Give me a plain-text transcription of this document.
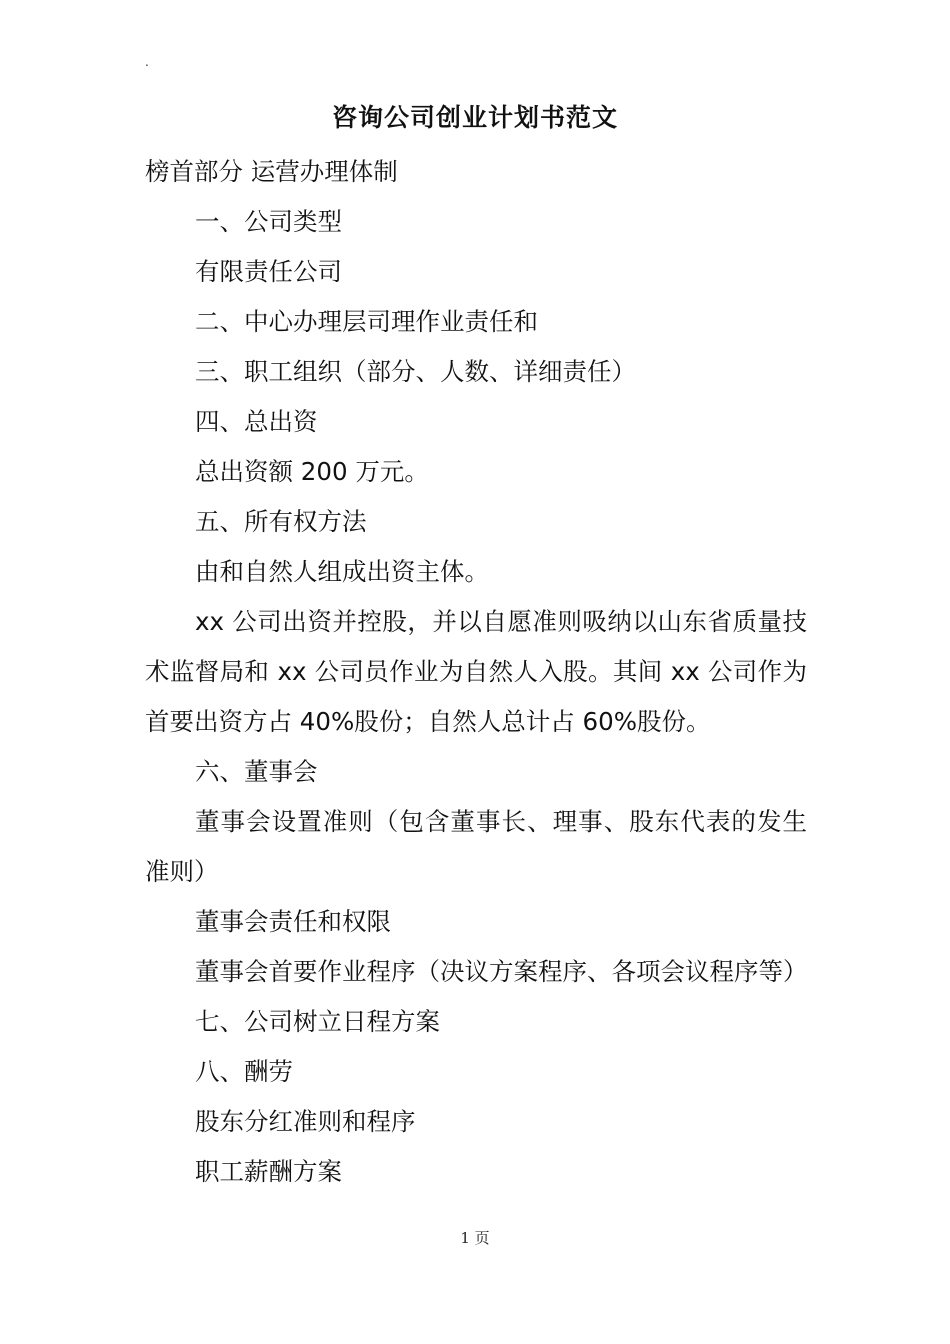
.
咨询公司创业计划书范文
榜首部分 运营办理体制
一、公司类型
有限责任公司
二、中心办理层司理作业责任和
三、职工组织（部分、人数、详细责任）
四、总出资
总出资额 200 万元。
五、所有权方法
由和自然人组成出资主体。
xx 公司出资并控股，并以自愿准则吸纳以山东省质量技术监督局和 xx 公司员作业为自然人入股。其间 xx 公司作为首要出资方占 40%股份；自然人总计占 60%股份。
六、董事会
董事会设置准则（包含董事长、理事、股东代表的发生准则）
董事会责任和权限
董事会首要作业程序（决议方案程序、各项会议程序等）
七、公司树立日程方案
八、酬劳
股东分红准则和程序
职工薪酬方案
1 页
